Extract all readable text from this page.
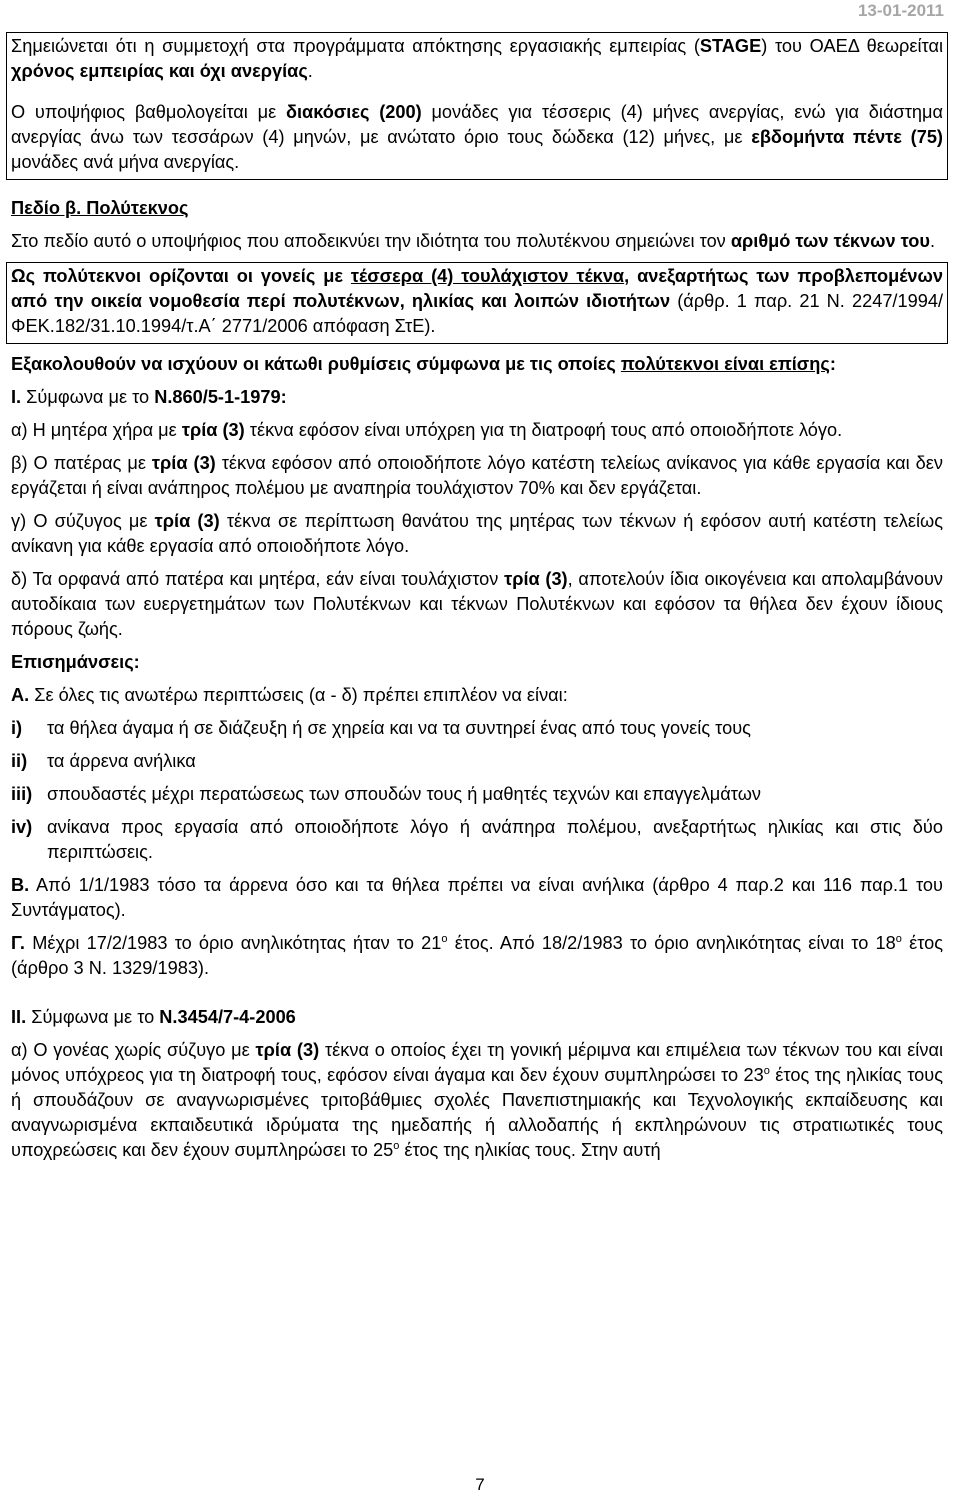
13-01-2011

Σημειώνεται ότι η συμμετοχή στα προγράμματα απόκτησης εργασιακής εμπειρίας (STAGE) του ΟΑΕΔ θεωρείται χρόνος εμπειρίας και όχι ανεργίας.

Ο υποψήφιος βαθμολογείται με διακόσιες (200) μονάδες για τέσσερις (4) μήνες ανεργίας, ενώ για διάστημα ανεργίας άνω των τεσσάρων (4) μηνών, με ανώτατο όριο τους δώδεκα (12) μήνες, με εβδομήντα πέντε (75) μονάδες ανά μήνα ανεργίας.

Πεδίο β. Πολύτεκνος

Στο πεδίο αυτό ο υποψήφιος που αποδεικνύει την ιδιότητα του πολυτέκνου σημειώνει τον αριθμό των τέκνων του.

Ως πολύτεκνοι ορίζονται οι γονείς με τέσσερα (4) τουλάχιστον τέκνα, ανεξαρτήτως των προβλεπομένων από την οικεία νομοθεσία περί πολυτέκνων, ηλικίας και λοιπών ιδιοτήτων (άρθρ. 1 παρ. 21 Ν. 2247/1994/ΦΕΚ.182/31.10.1994/τ.Α΄ 2771/2006 απόφαση ΣτΕ).

Εξακολουθούν να ισχύουν οι κάτωθι ρυθμίσεις σύμφωνα με τις οποίες πολύτεκνοι είναι επίσης:

Ι. Σύμφωνα με το Ν.860/5-1-1979:

α) Η μητέρα χήρα με τρία (3) τέκνα εφόσον είναι υπόχρεη για τη διατροφή τους από οποιοδήποτε λόγο.

β) Ο πατέρας με τρία (3) τέκνα εφόσον από οποιοδήποτε λόγο κατέστη τελείως ανίκανος για κάθε εργασία και δεν εργάζεται ή είναι ανάπηρος πολέμου με αναπηρία τουλάχιστον 70% και δεν εργάζεται.

γ) Ο σύζυγος με τρία (3) τέκνα σε περίπτωση θανάτου της μητέρας των τέκνων ή εφόσον αυτή κατέστη τελείως ανίκανη για κάθε εργασία από οποιοδήποτε λόγο.

δ) Τα ορφανά από πατέρα και μητέρα, εάν είναι τουλάχιστον τρία (3), αποτελούν ίδια οικογένεια και απολαμβάνουν αυτοδίκαια των ευεργετημάτων των Πολυτέκνων και τέκνων Πολυτέκνων και εφόσον τα θήλεα δεν έχουν ίδιους πόρους ζωής.

Επισημάνσεις:

Α. Σε όλες τις ανωτέρω περιπτώσεις (α - δ) πρέπει επιπλέον να είναι:

i)	τα θήλεα άγαμα ή σε διάζευξη ή σε χηρεία και να τα συντηρεί ένας από τους γονείς τους
ii)	τα άρρενα ανήλικα
iii) σπουδαστές μέχρι περατώσεως των σπουδών τους ή μαθητές τεχνών και επαγγελμάτων
iv) ανίκανα προς εργασία από οποιοδήποτε λόγο ή ανάπηρα πολέμου, ανεξαρτήτως ηλικίας και στις δύο περιπτώσεις.

Β. Από 1/1/1983 τόσο τα άρρενα όσο και τα θήλεα πρέπει να είναι ανήλικα (άρθρο 4 παρ.2 και 116 παρ.1 του Συντάγματος).

Γ. Μέχρι 17/2/1983 το όριο ανηλικότητας ήταν το $21^o$ έτος. Από 18/2/1983 το όριο ανηλικότητας είναι το $18^o$ έτος (άρθρο 3 Ν. 1329/1983).

ΙΙ. Σύμφωνα με το Ν.3454/7-4-2006

α) Ο γονέας χωρίς σύζυγο με τρία (3) τέκνα ο οποίος έχει τη γονική μέριμνα και επιμέλεια των τέκνων του και είναι μόνος υπόχρεος για τη διατροφή τους, εφόσον είναι άγαμα και δεν έχουν συμπληρώσει το $23^o$ έτος της ηλικίας τους ή σπουδάζουν σε αναγνωρισμένες τριτοβάθμιες σχολές Πανεπιστημιακής και Τεχνολογικής εκπαίδευσης και αναγνωρισμένα εκπαιδευτικά ιδρύματα της ημεδαπής ή αλλοδαπής ή εκπληρώνουν τις στρατιωτικές τους υποχρεώσεις και δεν έχουν συμπληρώσει το $25^o$ έτος της ηλικίας τους. Στην αυτή

7
